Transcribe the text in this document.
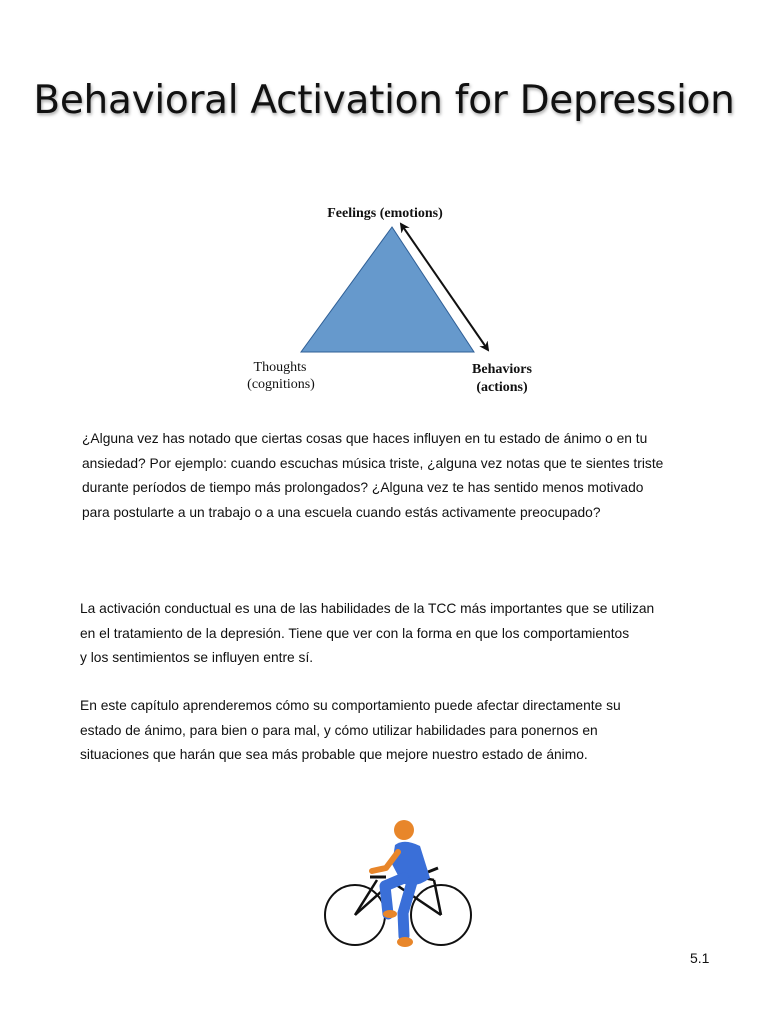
Behavioral Activation for Depression
Feelings (emotions)
Thoughts
(cognitions)
Behaviors
(actions)
¿Alguna vez has notado que ciertas cosas que haces influyen en tu estado de ánimo o en tu
ansiedad? Por ejemplo: cuando escuchas música triste, ¿alguna vez notas que te sientes triste
durante períodos de tiempo más prolongados? ¿Alguna vez te has sentido menos motivado
para postularte a un trabajo o a una escuela cuando estás activamente preocupado?
La activación conductual es una de las habilidades de la TCC más importantes que se utilizan
en el tratamiento de la depresión. Tiene que ver con la forma en que los comportamientos
y los sentimientos se influyen entre sí.
En este capítulo aprenderemos cómo su comportamiento puede afectar directamente su
estado de ánimo, para bien o para mal, y cómo utilizar habilidades para ponernos en
situaciones que harán que sea más probable que mejore nuestro estado de ánimo.
5.1
